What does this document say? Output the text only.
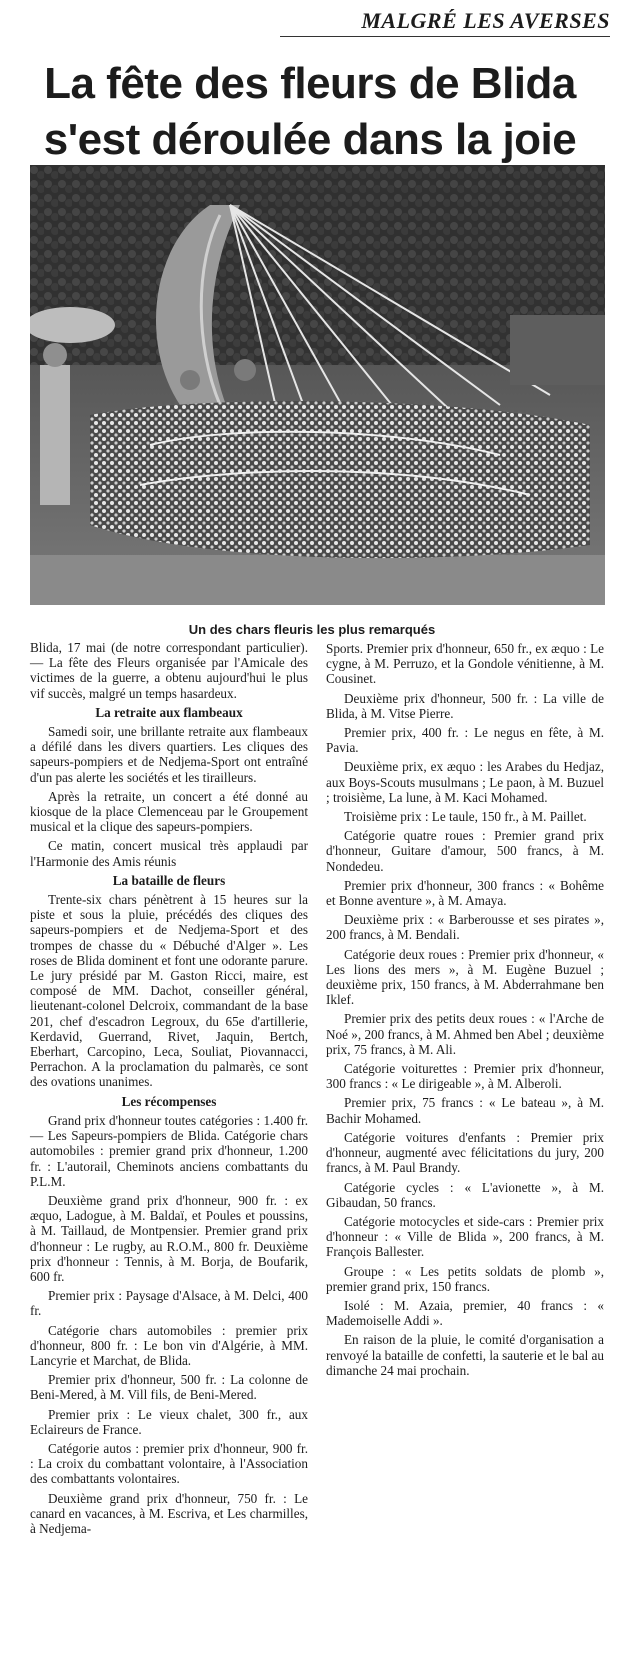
MALGRÉ LES AVERSES
La fête des fleurs de Blida
s'est déroulée dans la joie
Un des chars fleuris les plus remarqués

Blida, 17 mai (de notre correspondant particulier). — La fête des Fleurs organisée par l'Amicale des victimes de la guerre, a obtenu aujourd'hui le plus vif succès, malgré un temps hasardeux.

La retraite aux flambeaux

Samedi soir, une brillante retraite aux flambeaux a défilé dans les divers quartiers. Les cliques des sapeurs-pompiers et de Nedjema-Sport ont entraîné d'un pas alerte les sociétés et les tirailleurs.

Après la retraite, un concert a été donné au kiosque de la place Clemenceau par le Groupement musical et la clique des sapeurs-pompiers.

Ce matin, concert musical très applaudi par l'Harmonie des Amis réunis

La bataille de fleurs

Trente-six chars pénètrent à 15 heures sur la piste et sous la pluie, précédés des cliques des sapeurs-pompiers et de Nedjema-Sport et des trompes de chasse du « Débuché d'Alger ». Les roses de Blida dominent et font une odorante parure. Le jury présidé par M. Gaston Ricci, maire, est composé de MM. Dachot, conseiller général, lieutenant-colonel Delcroix, commandant de la base 201, chef d'escadron Legroux, du 65e d'artillerie, Kerdavid, Guerrand, Rivet, Jaquin, Bertch, Eberhart, Carcopino, Leca, Souliat, Piovannacci, Perrachon. A la proclamation du palmarès, ce sont des ovations unanimes.

Les récompenses

Grand prix d'honneur toutes catégories : 1.400 fr. — Les Sapeurs-pompiers de Blida. Catégorie chars automobiles : premier grand prix d'honneur, 1.200 fr. : L'autorail, Cheminots anciens combattants du P.L.M.

Deuxième grand prix d'honneur, 900 fr. : ex æquo, Ladogue, à M. Baldaï, et Poules et poussins, à M. Taillaud, de Montpensier. Premier grand prix d'honneur : Le rugby, au R.O.M., 800 fr. Deuxième prix d'honneur : Tennis, à M. Borja, de Boufarik, 600 fr.

Premier prix : Paysage d'Alsace, à M. Delci, 400 fr.

Catégorie chars automobiles : premier prix d'honneur, 800 fr. : Le bon vin d'Algérie, à MM. Lancyrie et Marchat, de Blida.

Premier prix d'honneur, 500 fr. : La colonne de Beni-Mered, à M. Vill fils, de Beni-Mered.

Premier prix : Le vieux chalet, 300 fr., aux Eclaireurs de France.

Catégorie autos : premier prix d'honneur, 900 fr. : La croix du combattant volontaire, à l'Association des combattants volontaires.

Deuxième grand prix d'honneur, 750 fr. : Le canard en vacances, à M. Escriva, et Les charmilles, à Nedjema-

Sports. Premier prix d'honneur, 650 fr., ex æquo : Le cygne, à M. Perruzo, et la Gondole vénitienne, à M. Cousinet.

Deuxième prix d'honneur, 500 fr. : La ville de Blida, à M. Vitse Pierre.

Premier prix, 400 fr. : Le negus en fête, à M. Pavia.

Deuxième prix, ex æquo : les Arabes du Hedjaz, aux Boys-Scouts musulmans ; Le paon, à M. Buzuel ; troisième, La lune, à M. Kaci Mohamed.

Troisième prix : Le taule, 150 fr., à M. Paillet.

Catégorie quatre roues : Premier grand prix d'honneur, Guitare d'amour, 500 francs, à M. Nondedeu.

Premier prix d'honneur, 300 francs : « Bohême et Bonne aventure », à M. Amaya.

Deuxième prix : « Barberousse et ses pirates », 200 francs, à M. Bendali.

Catégorie deux roues : Premier prix d'honneur, « Les lions des mers », à M. Eugène Buzuel ; deuxième prix, 150 francs, à M. Abderrahmane ben Iklef.

Premier prix des petits deux roues : « l'Arche de Noé », 200 francs, à M. Ahmed ben Abel ; deuxième prix, 75 francs, à M. Ali.

Catégorie voiturettes : Premier prix d'honneur, 300 francs : « Le dirigeable », à M. Alberoli.

Premier prix, 75 francs : « Le bateau », à M. Bachir Mohamed.

Catégorie voitures d'enfants : Premier prix d'honneur, augmenté avec félicitations du jury, 200 francs, à M. Paul Brandy.

Catégorie cycles : « L'avionette », à M. Gibaudan, 50 francs.

Catégorie motocycles et side-cars : Premier prix d'honneur : « Ville de Blida », 200 francs, à M. François Ballester.

Groupe : « Les petits soldats de plomb », premier grand prix, 150 francs.

Isolé : M. Azaia, premier, 40 francs : « Mademoiselle Addi ».

En raison de la pluie, le comité d'organisation a renvoyé la bataille de confetti, la sauterie et le bal au dimanche 24 mai prochain.
